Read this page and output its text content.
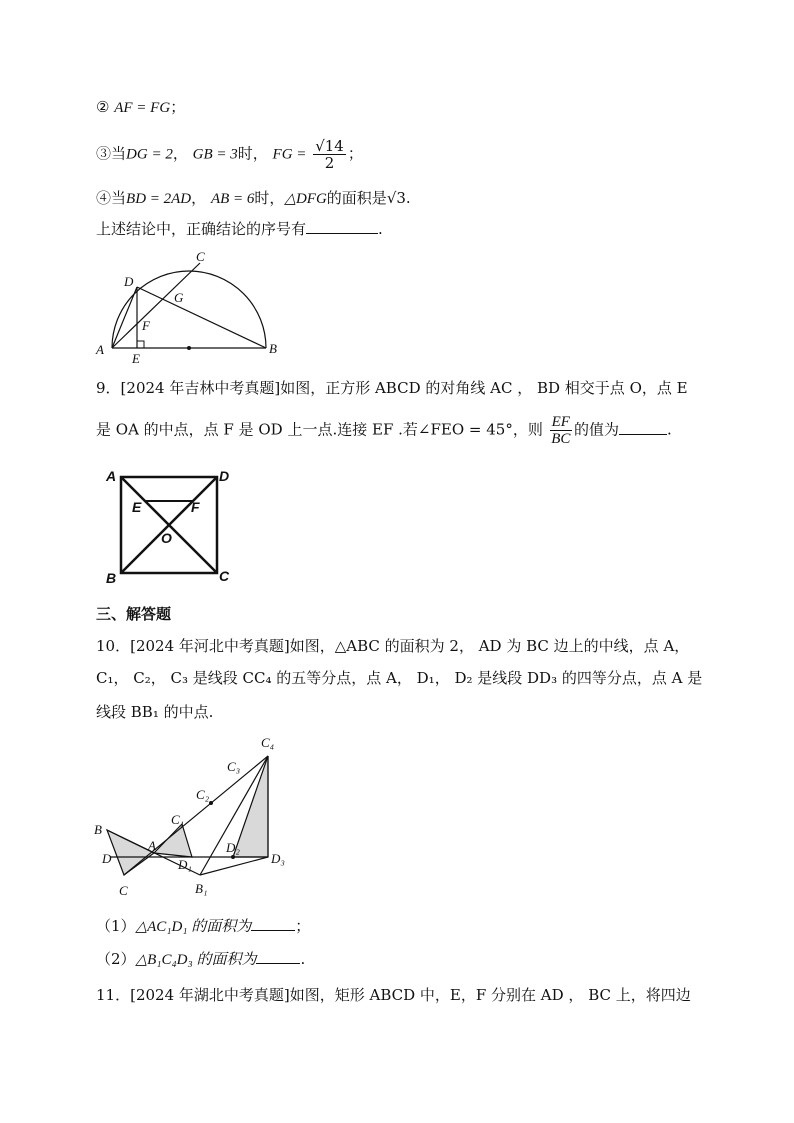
② AF = FG；
③当DG = 2， GB = 3时， FG = $\frac{√14}{2}$ ；
④当BD = 2AD， AB = 6时，△DFG的面积是√3.
上述结论中，正确结论的序号有	.
A	B
C
D
E
F
G
9．[2024 年吉林中考真题]如图，正方形 ABCD 的对角线 AC ， BD 相交于点 O，点 E
是 OA 的中点，点 F 是 OD 上一点.连接 EF .若∠FEO = 45°，则 $\frac{EF}{BC}$ 的值为	.
A	D
B	C
E	F
O
三、解答题
10．[2024 年河北中考真题]如图，△ABC 的面积为 2， AD 为 BC 边上的中线，点 A，
C₁， C₂， C₃ 是线段 CC₄ 的五等分点，点 A， D₁， D₂ 是线段 DD₃ 的四等分点，点 A 是
线段 BB₁ 的中点.
B
D
C
A
C₁
C₂
C₃
C₄
D₁
D₂
D₃
B₁
（1）△AC₁D₁ 的面积为	；
（2）△B₁C₄D₃ 的面积为	.
11．[2024 年湖北中考真题]如图，矩形 ABCD 中，E，F 分别在 AD ， BC 上，将四边
